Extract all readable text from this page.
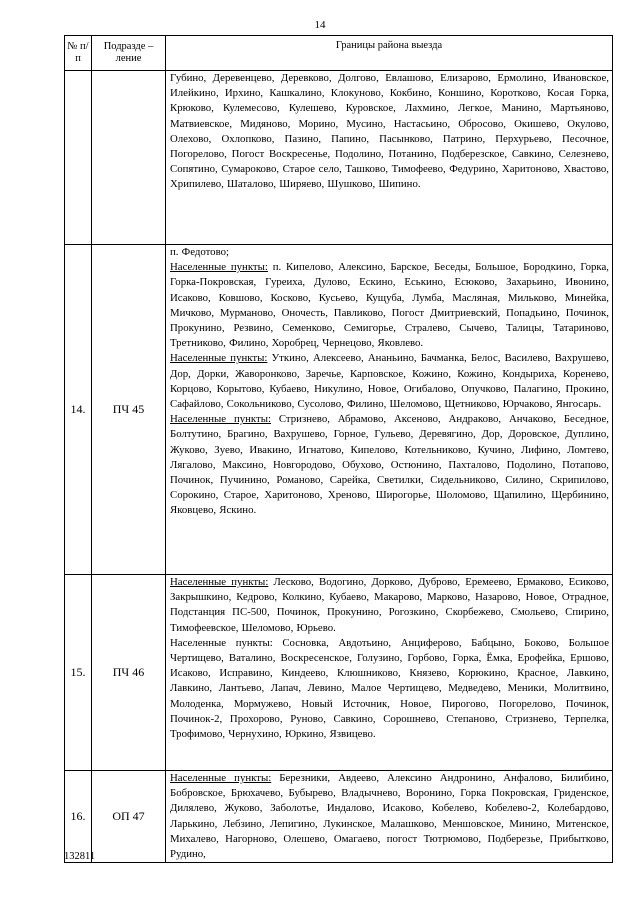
14
№ п/п	Подразде – ление	Границы района выезда

		Губино, Деревенцево, Деревково, Долгово, Евлашово, Елизарово, Ермолино, Ивановское, Илейкино, Ирхино, Кашкалино, Клокуново, Кокбино, Коншино, Коротково, Косая Горка, Крюково, Кулемесово, Кулешево, Куровское, Лахмино, Легкое, Манино, Мартьяново, Матвиевское, Мидяново, Морино, Мусино, Настасьино, Обросово, Окишево, Окулово, Олехово, Охлопково, Пазино, Папино, Пасынково, Патрино, Перхурьево, Песочное, Погорелово, Погост Воскресенье, Подолино, Потанино, Подберезское, Савкино, Селезнево, Сопятино, Сумароково, Старое село, Ташково, Тимофеево, Федурино, Харитоново, Хвастово, Хрипилево, Шаталово, Ширяево, Шушково, Шипино.

14.	ПЧ 45	п. Федотово;
Населенные пункты: п. Кипелово, Алексино, Барское, Беседы, Большое, Бородкино, Горка, Горка-Покровская, Гуреиха, Дулово, Ескино, Еськино, Есюково, Захарьино, Ивонино, Исаково, Ковшово, Косково, Кусьево, Кущуба, Лумба, Масляная, Мильково, Минейка, Мичково, Мурманово, Оночесть, Павликово, Погост Дмитриевский, Попадьино, Починок, Прокунино, Резвино, Семенково, Семигорье, Стралево, Сычево, Талицы, Татариново, Третниково, Филино, Хоробрец, Чернецово, Яковлево.
Населенные пункты: Уткино, Алексеевo, Ананьино, Бачманка, Белос, Василево, Вахрушево, Дор, Дорки, Жаворонково, Заречье, Карповское, Кожино, Кожино, Кондыриха, Коренево, Корцово, Корытово, Кубаево, Никулино, Новое, Огибалово, Опучково, Палагино, Прокино, Сафайлово, Сокольниково, Сусолово, Филино, Шеломово, Щетниково, Юрчаково, Янгосарь.
Населенные пункты: Стризнево, Абрамово, Аксеново, Андраково, Анчаково, Беседное, Болтутино, Брагино, Вахрушево, Горное, Гульево, Деревягино, Дор, Доровское, Дуплино, Жуково, Зуево, Ивакино, Игнатово, Кипелово, Котельниково, Кучино, Лифино, Ломтево, Лягалово, Максино, Новгородово, Обухово, Остюнино, Пахталово, Подолино, Потапово, Починок, Пучинино, Романово, Сарейка, Светилки, Сидельниково, Силино, Скрипилово, Сорокино, Старое, Харитоново, Хреново, Широгорье, Шоломово, Щапилино, Щербинино, Яковцево, Яскино.

15.	ПЧ 46	Населенные пункты: Лесково, Водогино, Дорково, Дуброво, Еремеево, Ермаково, Есиково, Закрышкино, Кедрово, Колкино, Кубаево, Макарово, Марково, Назарово, Новое, Отрадное, Подстанция ПС-500, Починок, Прокунино, Рогозкино, Скорбежево, Смольево, Спирино, Тимофеевское, Шеломово, Юрьево.
Населенные пункты: Сосновка, Авдотьино, Анциферово, Бабцыно, Боково, Большое Чертищево, Ваталино, Воскресенское, Голузино, Горбово, Горка, Ёмка, Ерофейка, Ершово, Исаково, Исправино, Киндеево, Клюшниково, Князево, Корюкино, Красное, Лавкино, Лавкино, Лантьево, Лапач, Левино, Малое Чертищево, Медведево, Меники, Молитвино, Молоденка, Мормужево, Новый Источник, Новое, Пирогово, Погорелово, Починок, Починок-2, Прохорово, Руново, Савкино, Сорошнево, Степаново, Стризнево, Терпелка, Трофимово, Чернухино, Юркино, Язвицево.

16.	ОП 47	Населенные пункты: Березники, Авдеево, Алексино Андронино, Анфалово, Билибино, Бобровское, Брюхачево, Бубырево, Владычнево, Воронино, Горка Покровская, Гриденское, Дилялево, Жуково, Заболотье, Индалово, Исакoво, Кобелево, Кобелево-2, Колебардово, Ларькино, Лебзино, Лепигино, Лукинское, Малашково, Меншовское, Минино, Митенское, Михалево, Нагорново, Олешево, Омагаево, погост Тютрюмово, Подберезье, Прибытково, Рудино,
132811
